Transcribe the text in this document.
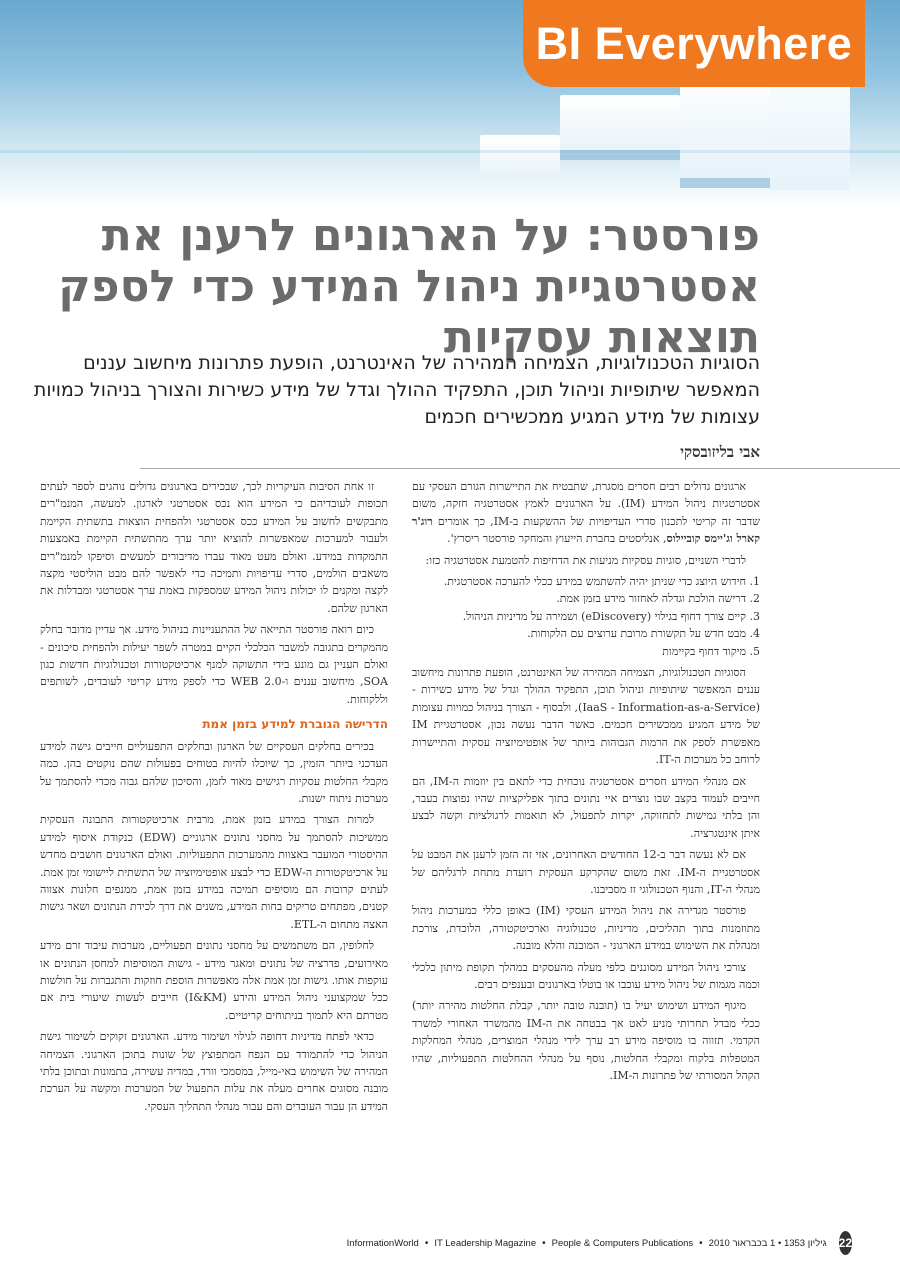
BI Everywhere
פורסטר: על הארגונים לרענן את אסטרטגיית ניהול המידע כדי לספק תוצאות עסקיות

הסוגיות הטכנולוגיות, הצמיחה המהירה של האינטרנט, הופעת פתרונות מיחשוב עננים המאפשר שיתופיות וניהול תוכן, התפקיד ההולך וגדל של מידע כשירות והצורך בניהול כמויות עצומות של מידע המגיע ממכשירים חכמים

אבי בליזובסקי

ארגונים גדולים רבים חסרים מסגרת, שתבטיח את התיישרות הגורם העסקי עם אסטרטגיות ניהול המידע (IM). על הארגונים לאמץ אסטרטגיה חזקה, משום שדבר זה קריטי לתכנון סדרי העדיפויות של ההשקעות ב-IM, כך אומרים רוג'ר קארל וג'יימס קוביילוס, אנליסטים בחברת הייעוץ והמחקר פורסטר ריסרץ'.

לדברי השניים, סוגיות עסקיות מניעות את הדחיפות להטמעת אסטרטגיה כזו:

1. חידוש היוצג כדי שניתן יהיה להשתמש במידע ככלי להערכה אסטרטגית.
2. דרישה הולכת וגדלה לאחזור מידע בזמן אמת.
3. קיים צורך דחוף בגילוי (eDiscovery) ושמירה על מדיניות הניהול.
4. מבט חדש על תקשורת מרובת ערוצים עם הלקוחות.
5. מיקוד דחוף בקיימות

הסוגיות הטכנולוגיות, הצמיחה המהירה של האינטרנט, הופעת פתרונות מיחשוב עננים המאפשר שיתופיות וניהול תוכן, התפקיד ההולך וגדל של מידע כשירות - (IaaS - Information-as-a-Service), ולבסוף - הצורך בניהול כמויות עצומות של מידע המגיע ממכשירים חכמים. כאשר הדבר נעשה נכון, אסטרטגיית IM מאפשרת לספק את הרמות הגבוהות ביותר של אופטימיזציה עסקית והתיישרות לרוחב כל מערכות ה-IT.

אם מנהלי המידע חסרים אסטרטגיה נוכחית כדי לתאם בין יוזמות ה-IM, הם חייבים לעמוד בקצב שבו נוצרים איי נתונים בתוך אפליקציות שהיו נפוצות בעבר, והן בלתי גמישות לתחזוקה, יקרות לתפעול, לא תואמות לרגולציות וקשה לבצע איתן אינטגרציה.

אם לא נעשה דבר ב-12 החודשים האחרונים, אזי זה הזמן לרענן את המבט על אסטרטגיית ה-IM. זאת משום שהקרקע העסקית רועדת מתחת לרגליהם של מנהלי ה-IT, והנוף הטכנולוגי זז מסביבנו.

פורסטר מגדירה את ניהול המידע העסקי (IM) באופן כללי כמערכות ניהול מתוזמנות בתוך תהליכים, מדיניות, טכנולוגיה וארכיטקטורה, הלוכדת, צורכת ומנהלת את השימוש במידע הארגוני - המובנה והלא מובנה.

צורכי ניהול המידע מסוננים כלפי מעלה מהעסקים במהלך תקופת מיתון כלכלי וכמה מגמות של ניהול מידע עוכבו או בוטלו בארגונים ובענפים רבים.

מיגוף המידע ושימוש יעיל בו (תובנה טובה יותר, קבלת החלטות מהירה יותר) ככלי מבדל תחרותי מניע לאט אך בבטחה את ה-IM מהמשרד האחורי למשרד הקדמי. תזווה בו מוסיפה מידע רב ערך לידי מנהלי המוצרים, מנהלי המחלקות המטפלות בלקוח ומקבלי החלטות, נוסף על מנהלי ההחלטות התפעוליות, שהיו הקהל המסורתי של פתרונות ה-IM.

זו אחת הסיבות העיקריות לכך, שבכירים בארגונים גדולים נוהגים לספר לעתים תכופות לעובדיהם כי המידע הוא נכס אסטרטגי לארגון. למעשה, המנמ"רים מתבקשים לחשוב על המידע ככס אסטרטגי ולהפחית הוצאות בתשתית הקיימת ולעבור למערכות שמאפשרות להוציא יותר ערך מהתשתית הקיימת באמצעות התמקדות במידע. ואולם מעט מאוד עברו מדיבורים למעשים וסיפקו למנמ"רים משאבים הולמים, סדרי עדיפויות ותמיכה כדי לאפשר להם מבט הוליסטי מקצה לקצה ומקנים לו יכולות ניהול המידע שמספקות באמת ערך אסטרטגי ומבדלות את הארגון שלהם.

כיום רואה פורסטר התייאה של ההתעניינות בניהול מידע. אך עדיין מדובר בחלק מהמקרים בתגובה למשבר הכלכלי הקיים במטרה לשפר יעילות ולהפחית סיכונים - ואולם העניין גם מונע בידי התשוקה למנף ארכיטקטורות וטכנולוגיות חדשות כגון SOA, מיחשוב עננים ו-WEB 2.0 כדי לספק מידע קריטי לעובדים, לשותפים וללקוחות.

הדרישה הגוברת למידע בזמן אמת

בכירים בחלקים העסקיים של הארגון ובחלקים התפעוליים חייבים גישה למידע העדכני ביותר הזמין, כך שיוכלו להיות בטוחים בפעולות שהם נוקטים בהן. כמה מקבלי החלטות עסקיות רגישים מאוד לזמן, והסיכון שלהם גבוה מכדי להסתמך על מערכות ניתוח ישנות.

למרות הצורך במידע בזמן אמת, מרבית ארכיטקטורות התבונה העסקית ממשיכות להסתמך על מחסני נתונים ארגוניים (EDW) כנקודת איסוף למידע ההיסטורי המועבר באצוות מהמערכות התפעוליות. ואולם הארגונים חושבים מחדש על ארכיטקטורות ה-EDW כדי לבצע אופטימיזציה של התשתית ליישומי זמן אמת. לעתים קרובות הם מוסיפים תמיכה במידע בזמן אמת, ממנפים חלונות אצווה קטנים, מפתחים טריקים בחות המידע, משנים את דרך לכידת הנתונים ושאר גישות האצה מתחום ה-ETL.

לחלופין, הם משתמשים על מחסני נתונים תפעוליים, מערכות עיבוד זרם מידע מאירועים, פדרציה של נתונים ומאגר מידע - גישות המוסיפות למחסן הנתונים או עוקפות אותו. גישות זמן אמת אלה מאפשרות הוספת חוזקות והתגברות על חולשות ככל שמקצועני ניהול המידע והידע (I&KM) חייבים לעשות שיעורי בית אם מטרתם היא לתמוך בניתוחים קריטיים.

כדאי לפתח מדיניות דחופה לגילוי ושימור מידע. הארגונים זקוקים לשימור גישת הניהול כדי להתמודד עם הנפח המתפוצץ של שונות בתוכן הארגוני. הצמיחה המהירה של השימוש באי-מייל, במסמכי וורד, במדיה עשירה, בתמונות ובתוכן בלתי מובנה מסוגים אחרים מעלה את עלות התפעול של המערכות ומקשה על הערכת המידע הן עבור העובדים והם עבור מנהלי התהליך העסקי.

InformationWorld • IT Leadership Magazine • People & Computers Publications • גיליון 1353 • 1 בכבראור 2010 22
